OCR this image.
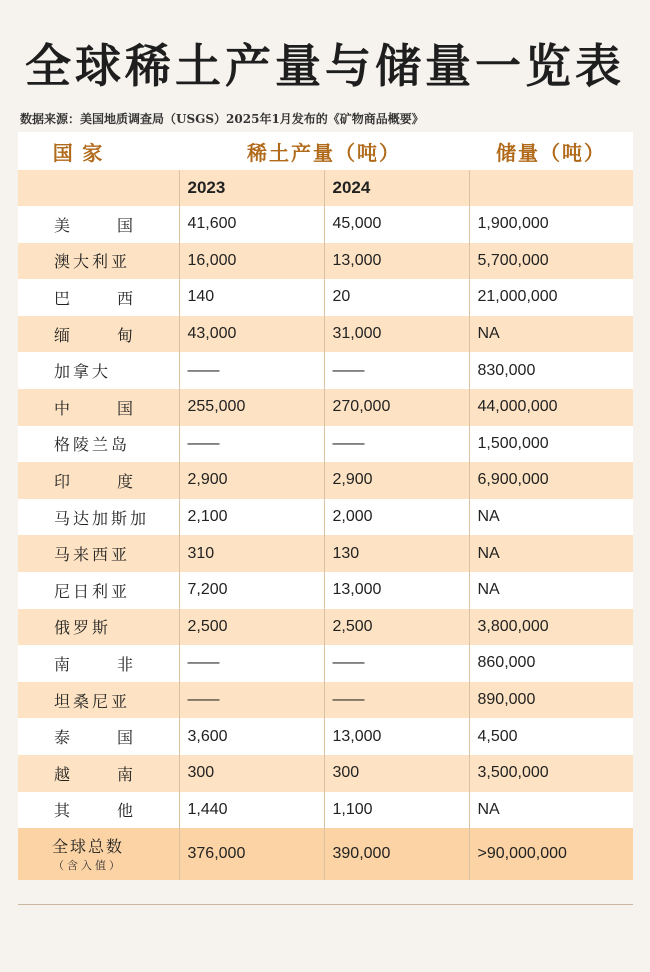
全球稀土产量与储量一览表
数据来源：美国地质调查局（USGS）2025年1月发布的《矿物商品概要》
国 家	稀土产量（吨）		储量（吨）
	2023	2024	

美 国	41,600	45,000	1,900,000
澳大利亚	16,000	13,000	5,700,000

巴 西	140	20	21,000,000

缅 甸	43,000	31,000	NA
加拿大	——	——	830,000

中 国	255,000	270,000	44,000,000
格陵兰岛	——	——	1,500,000

印 度	2,900	2,900	6,900,000
马达加斯加	2,100	2,000	NA
马来西亚	310	130	NA
尼日利亚	7,200	13,000	NA
俄罗斯	2,500	2,500	3,800,000

南 非	——	——	860,000
坦桑尼亚	——	——	890,000

泰 国	3,600	13,000	4,500

越 南	300	300	3,500,000

其 他	1,440	1,100	NA

全球总数
（含入值）	376,000	390,000	>90,000,000
